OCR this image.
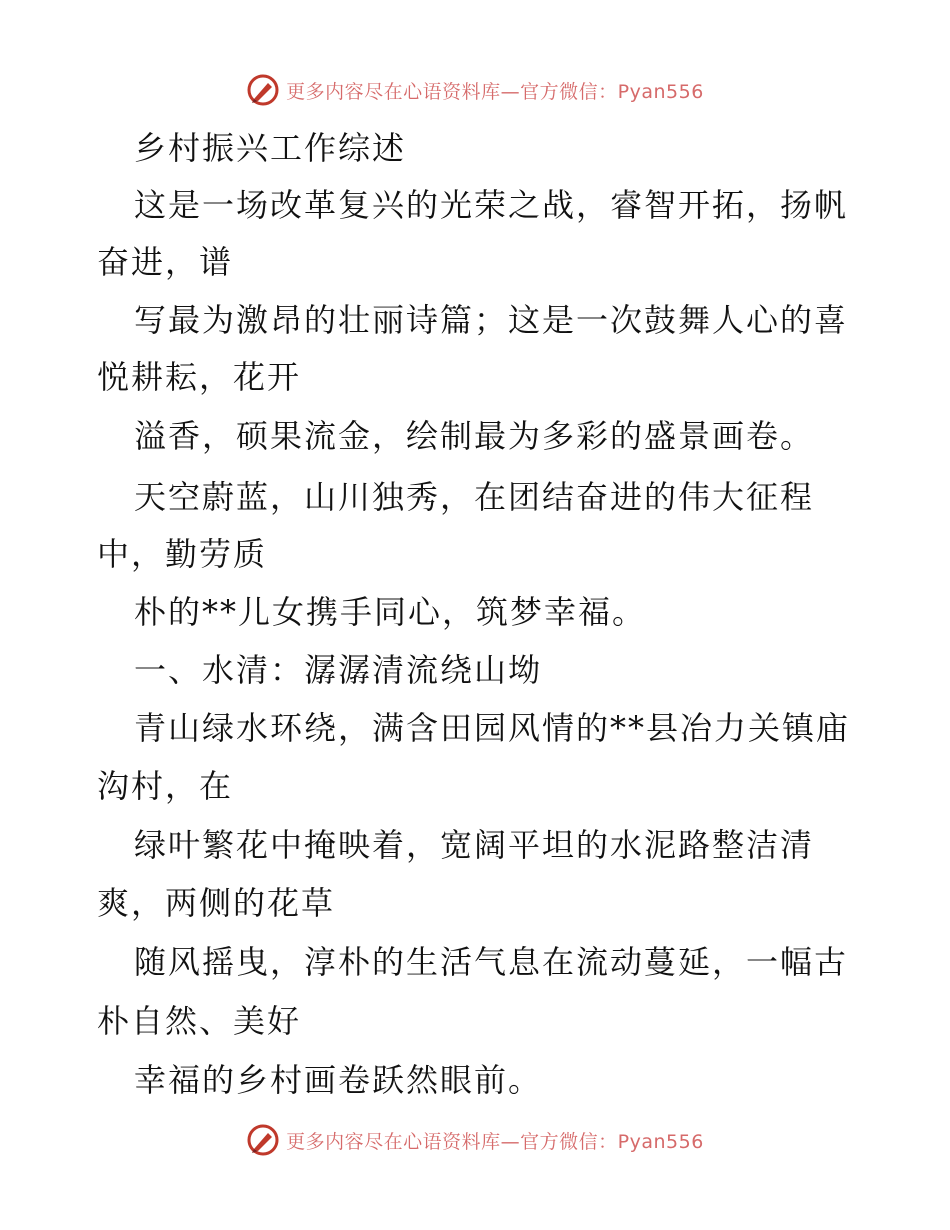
更多内容尽在心语资料库—官方微信：Pyan556
乡村振兴工作综述
这是一场改革复兴的光荣之战，睿智开拓，扬帆
奋进，谱
写最为激昂的壮丽诗篇；这是一次鼓舞人心的喜
悦耕耘，花开
溢香，硕果流金，绘制最为多彩的盛景画卷。
天空蔚蓝，山川独秀，在团结奋进的伟大征程
中，勤劳质
朴的**儿女携手同心，筑梦幸福。
一、水清：潺潺清流绕山坳
青山绿水环绕，满含田园风情的**县冶力关镇庙
沟村，在
绿叶繁花中掩映着，宽阔平坦的水泥路整洁清
爽，两侧的花草
随风摇曳，淳朴的生活气息在流动蔓延，一幅古
朴自然、美好
幸福的乡村画卷跃然眼前。
更多内容尽在心语资料库—官方微信：Pyan556
